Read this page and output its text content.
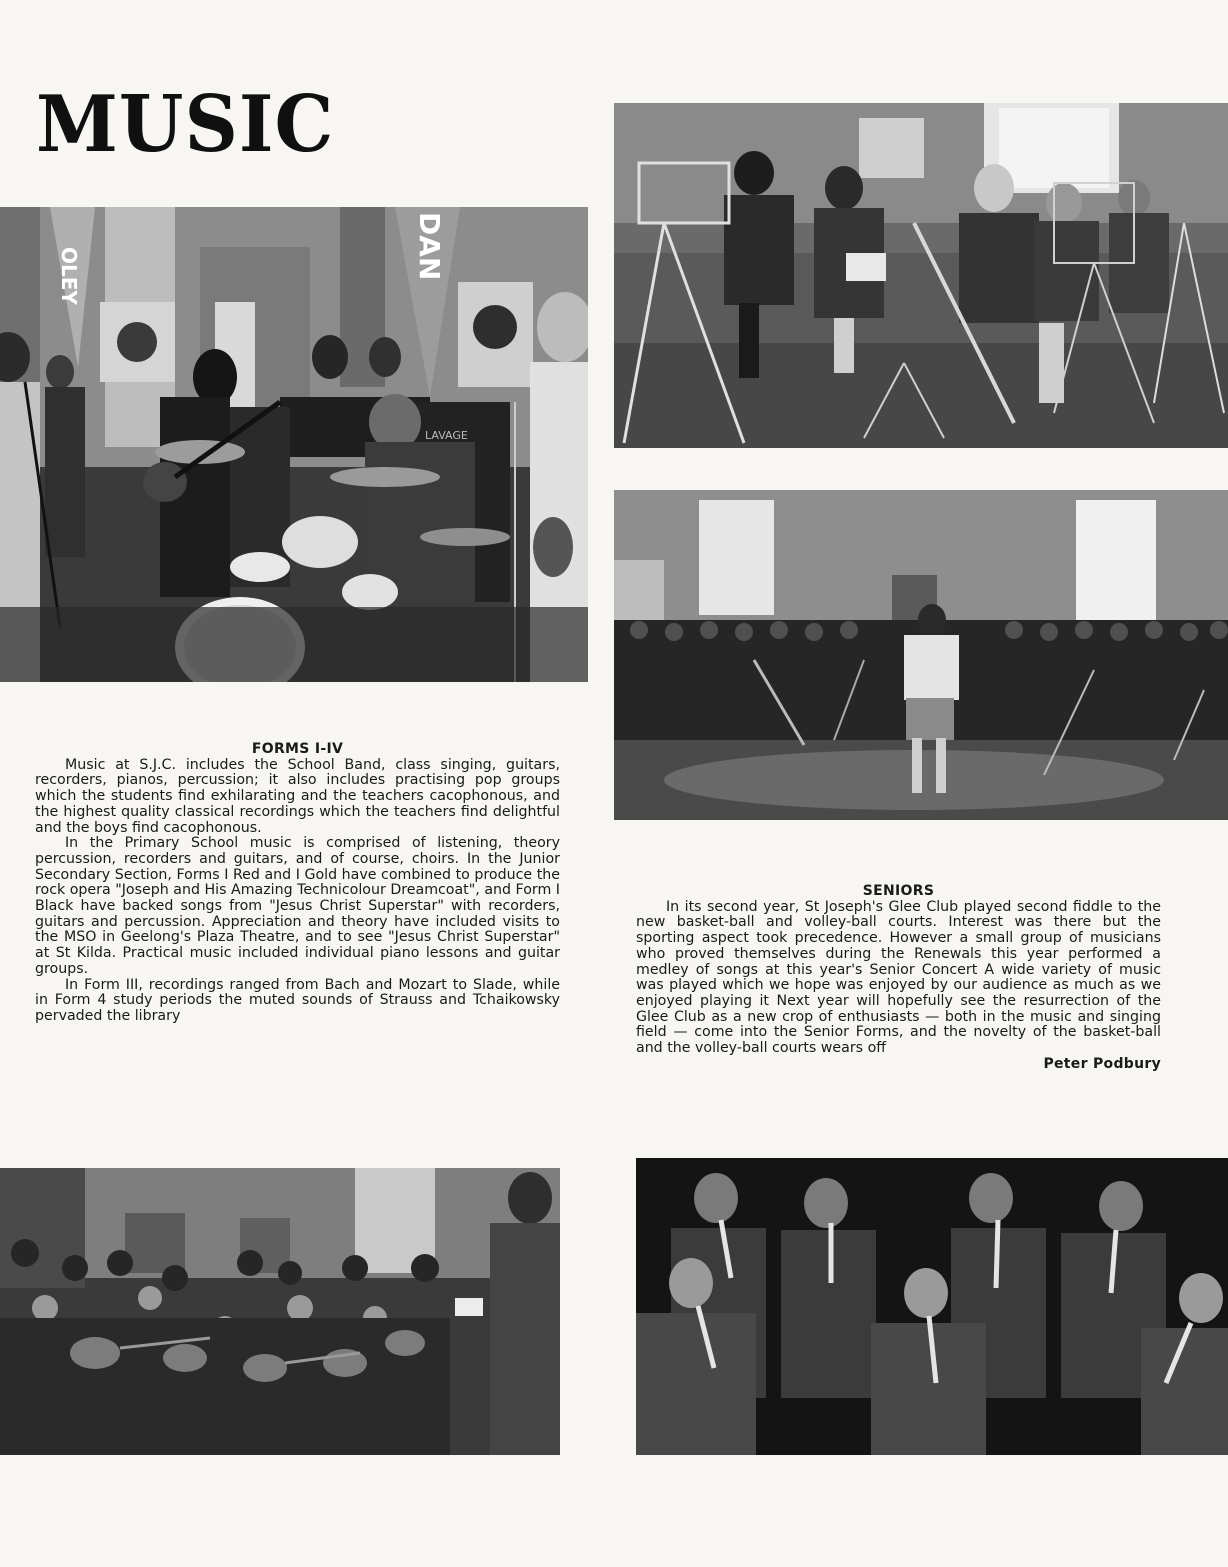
MUSIC
OLEY	DAN
LAVAGE
FORMS I-IV

Music at S.J.C. includes the School Band, class singing, guitars, recorders, pianos, percussion; it also includes practising pop groups which the students find exhilarating and the teachers cacophonous, and the highest quality classical recordings which the teachers find delightful and the boys find cacophonous.

In the Primary School music is comprised of listening, theory percussion, recorders and guitars, and of course, choirs. In the Junior Secondary Section, Forms I Red and I Gold have combined to produce the rock opera "Joseph and His Amazing Technicolour Dreamcoat", and Form I Black have backed songs from "Jesus Christ Superstar" with recorders, guitars and percussion. Appreciation and theory have included visits to the MSO in Geelong's Plaza Theatre, and to see "Jesus Christ Superstar" at St Kilda. Practical music included individual piano lessons and guitar groups.

In Form III, recordings ranged from Bach and Mozart to Slade, while in Form 4 study periods the muted sounds of Strauss and Tchaikowsky pervaded the library

SENIORS

In its second year, St Joseph's Glee Club played second fiddle to the new basket-ball and volley-ball courts. Interest was there but the sporting aspect took precedence. However a small group of musicians who proved themselves during the Renewals this year performed a medley of songs at this year's Senior Concert A wide variety of music was played which we hope was enjoyed by our audience as much as we enjoyed playing it Next year will hopefully see the resurrection of the Glee Club as a new crop of enthusiasts — both in the music and singing field — come into the Senior Forms, and the novelty of the basket-ball and the volley-ball courts wears off

Peter Podbury
